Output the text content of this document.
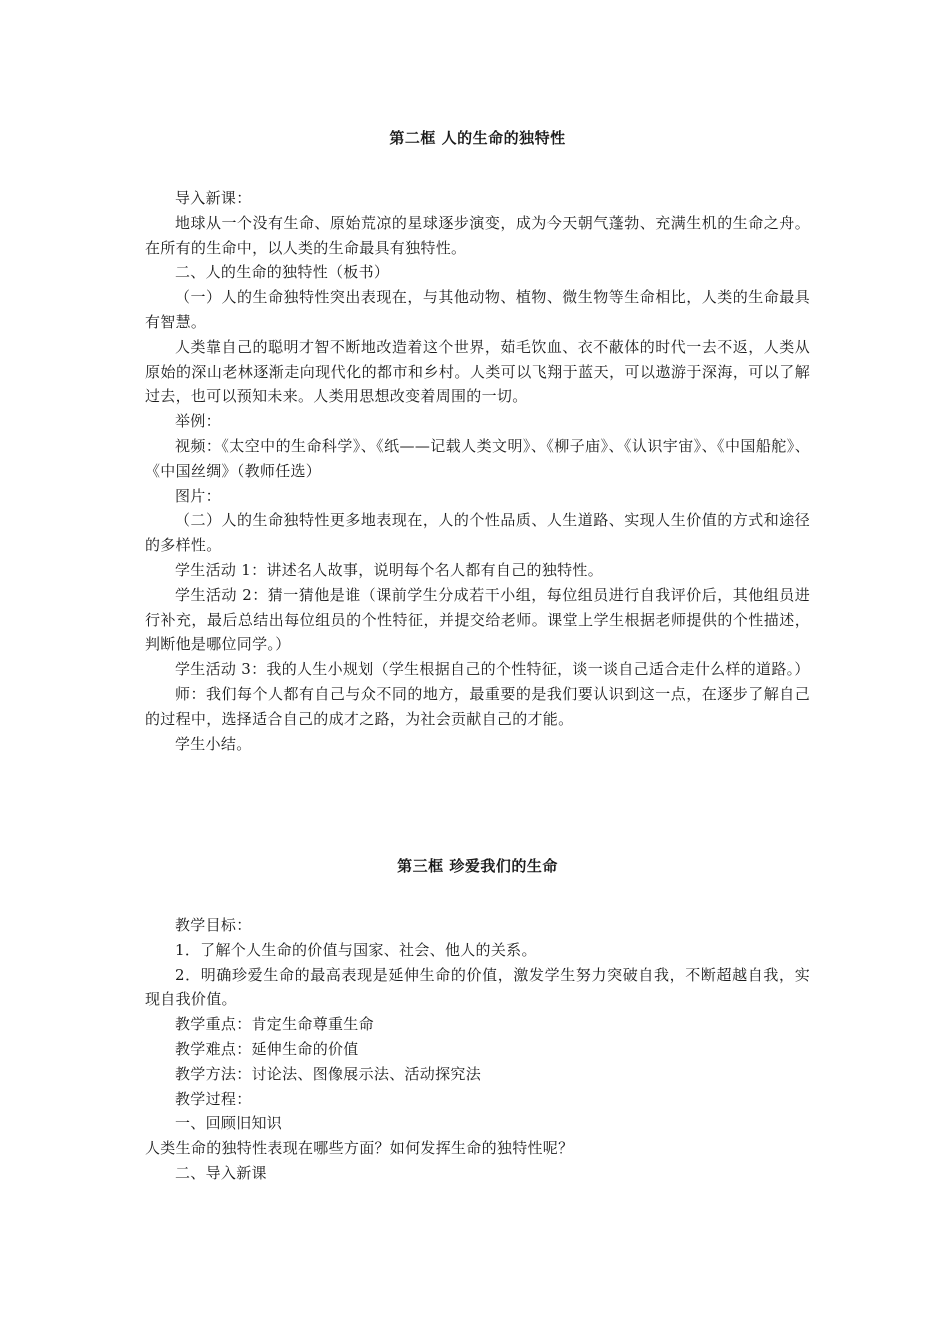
第二框 人的生命的独特性

导入新课：

地球从一个没有生命、原始荒凉的星球逐步演变，成为今天朝气蓬勃、充满生机的生命之舟。在所有的生命中，以人类的生命最具有独特性。

二、人的生命的独特性（板书）

（一）人的生命独特性突出表现在，与其他动物、植物、微生物等生命相比，人类的生命最具有智慧。

人类靠自己的聪明才智不断地改造着这个世界，茹毛饮血、衣不蔽体的时代一去不返，人类从原始的深山老林逐渐走向现代化的都市和乡村。人类可以飞翔于蓝天，可以遨游于深海，可以了解过去，也可以预知未来。人类用思想改变着周围的一切。

举例：

视频：《太空中的生命科学》、《纸——记载人类文明》、《柳子庙》、《认识宇宙》、《中国船舵》、《中国丝绸》（教师任选）

图片：

（二）人的生命独特性更多地表现在，人的个性品质、人生道路、实现人生价值的方式和途径的多样性。

学生活动 1：讲述名人故事，说明每个名人都有自己的独特性。

学生活动 2：猜一猜他是谁（课前学生分成若干小组，每位组员进行自我评价后，其他组员进行补充，最后总结出每位组员的个性特征，并提交给老师。课堂上学生根据老师提供的个性描述，判断他是哪位同学。）

学生活动 3：我的人生小规划（学生根据自己的个性特征，谈一谈自己适合走什么样的道路。）

师：我们每个人都有自己与众不同的地方，最重要的是我们要认识到这一点，在逐步了解自己的过程中，选择适合自己的成才之路，为社会贡献自己的才能。

学生小结。

第三框 珍爱我们的生命

教学目标：

1．了解个人生命的价值与国家、社会、他人的关系。

2．明确珍爱生命的最高表现是延伸生命的价值，激发学生努力突破自我，不断超越自我，实现自我价值。

教学重点：肯定生命尊重生命

教学难点：延伸生命的价值

教学方法：讨论法、图像展示法、活动探究法

教学过程：

一、回顾旧知识

人类生命的独特性表现在哪些方面？如何发挥生命的独特性呢？

二、导入新课
